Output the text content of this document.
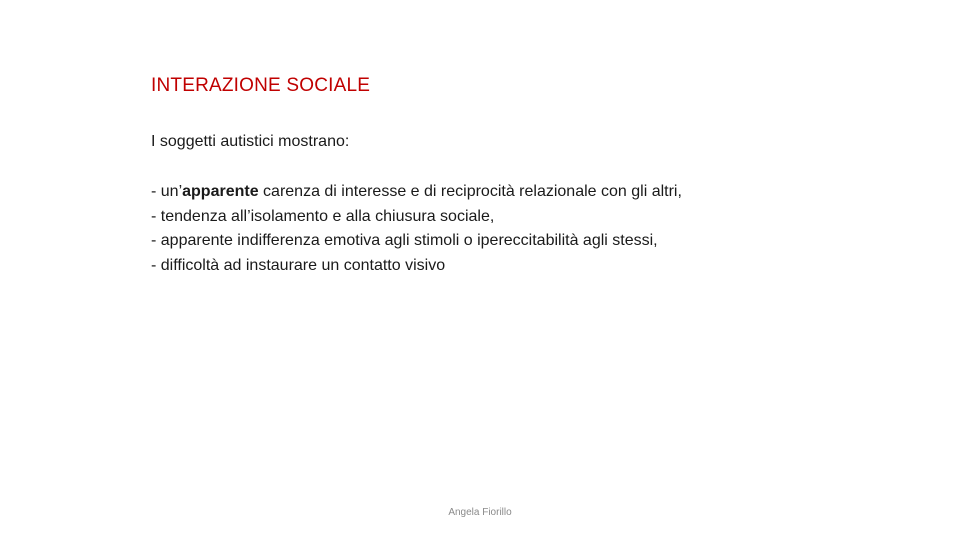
INTERAZIONE SOCIALE
I soggetti autistici mostrano:
- un’apparente carenza di interesse e di reciprocità relazionale con gli altri,
- tendenza all’isolamento e alla chiusura sociale,
- apparente indifferenza emotiva agli stimoli o ipereccitabilità agli stessi,
- difficoltà ad instaurare un contatto visivo
Angela Fiorillo
